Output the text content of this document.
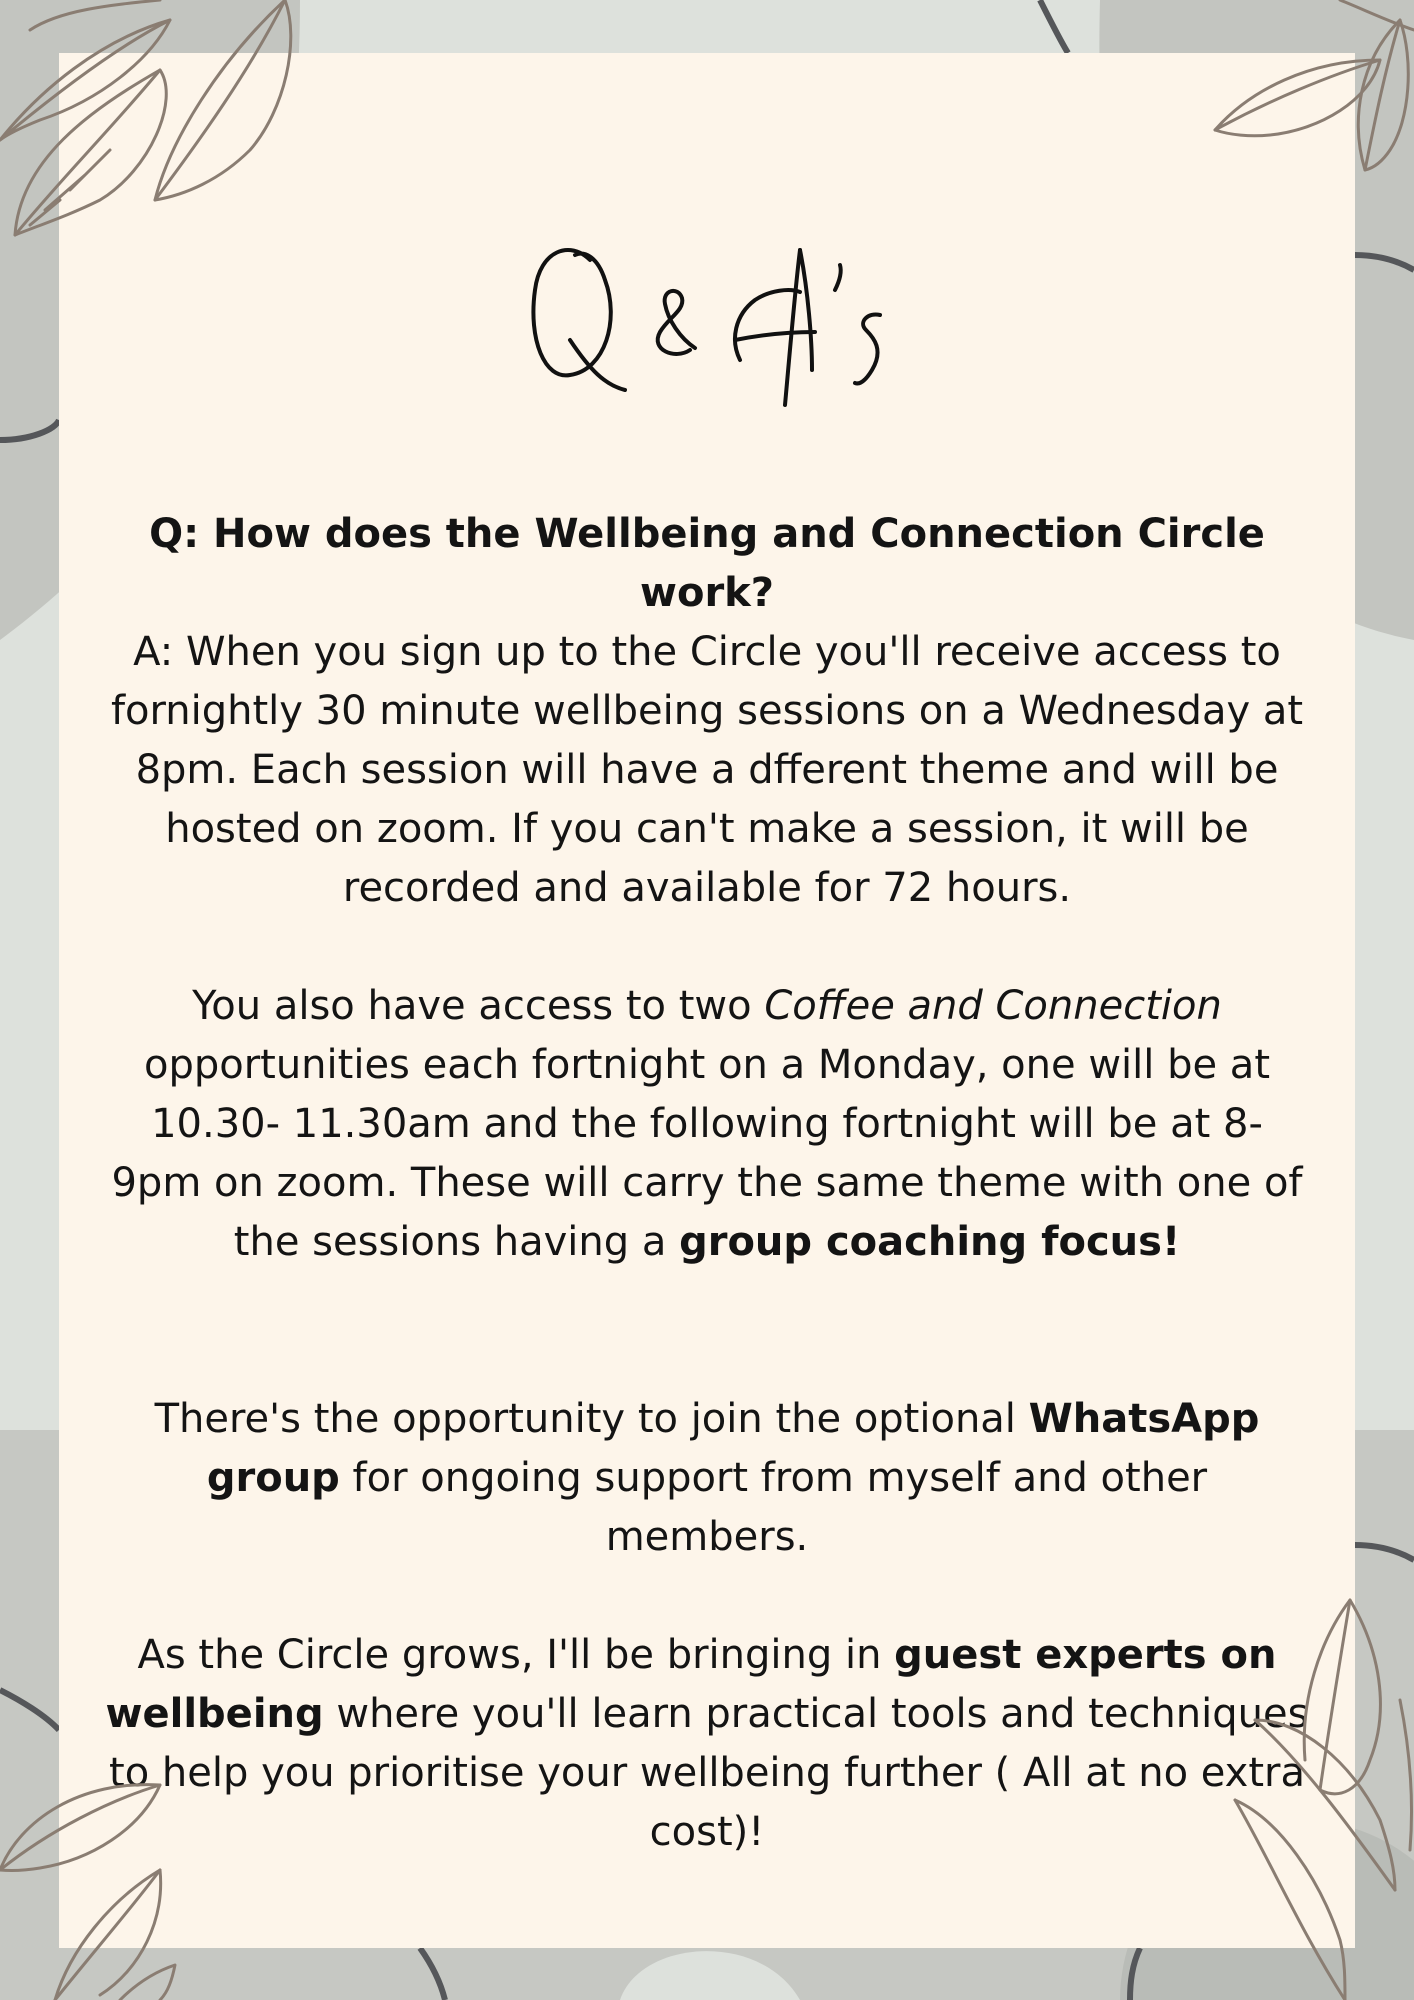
Q: How does the Wellbeing and Connection Circle work?

A: When you sign up to the Circle you'll receive access to fornightly 30 minute wellbeing sessions on a Wednesday at 8pm. Each session will have a dfferent theme and will be hosted on zoom. If you can't make a session, it will be recorded and available for 72 hours.

You also have access to two Coffee and Connection opportunities each fortnight on a Monday, one will be at 10.30- 11.30am and the following fortnight will be at 8- 9pm on zoom. These will carry the same theme with one of the sessions having a group coaching focus!

There's the opportunity to join the optional WhatsApp group for ongoing support from myself and other members.

As the Circle grows, I'll be bringing in guest experts on wellbeing where you'll learn practical tools and techniques to help you prioritise your wellbeing further ( All at no extra cost)!
